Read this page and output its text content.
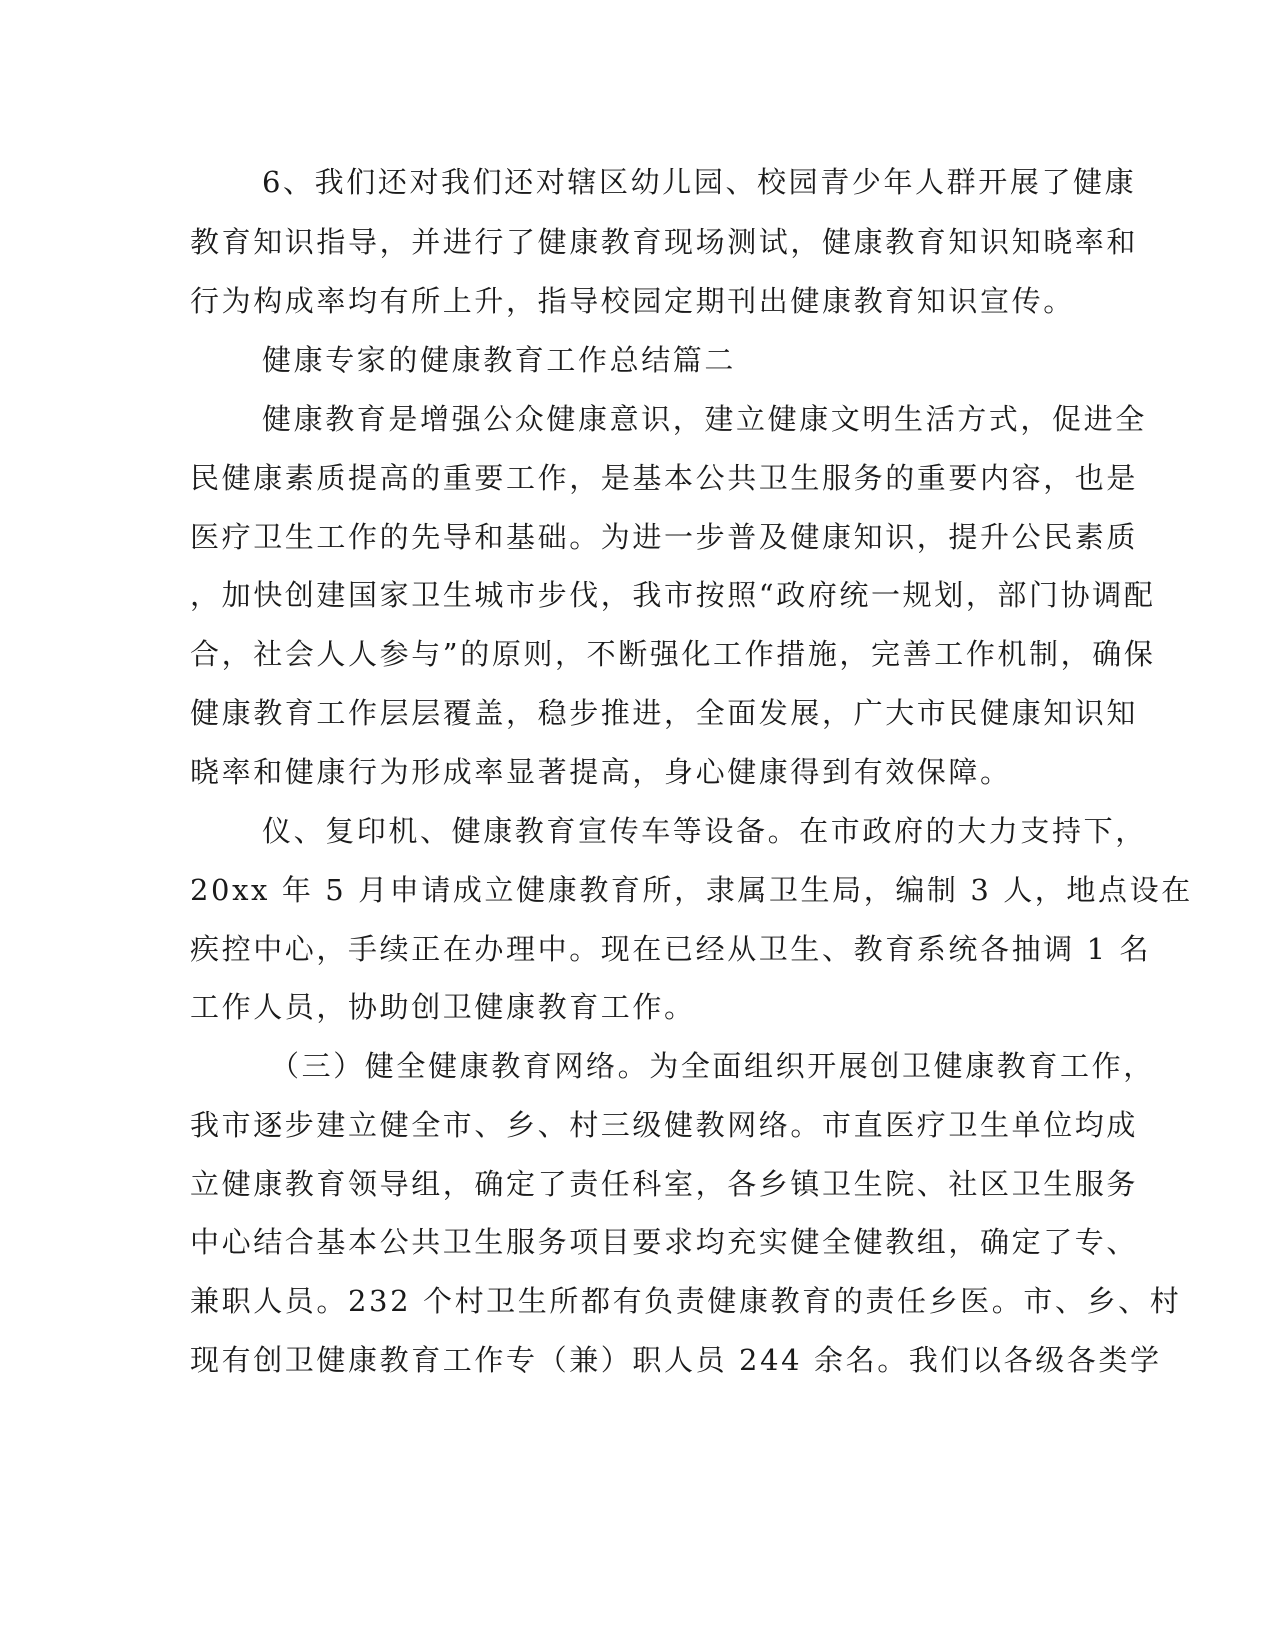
6、我们还对我们还对辖区幼儿园、校园青少年人群开展了健康
教育知识指导，并进行了健康教育现场测试，健康教育知识知晓率和
行为构成率均有所上升，指导校园定期刊出健康教育知识宣传。
健康专家的健康教育工作总结篇二
健康教育是增强公众健康意识，建立健康文明生活方式，促进全
民健康素质提高的重要工作，是基本公共卫生服务的重要内容，也是
医疗卫生工作的先导和基础。为进一步普及健康知识，提升公民素质
，加快创建国家卫生城市步伐，我市按照“政府统一规划，部门协调配
合，社会人人参与”的原则，不断强化工作措施，完善工作机制，确保
健康教育工作层层覆盖，稳步推进，全面发展，广大市民健康知识知
晓率和健康行为形成率显著提高，身心健康得到有效保障。
仪、复印机、健康教育宣传车等设备。在市政府的大力支持下，
20xx 年 5 月申请成立健康教育所，隶属卫生局，编制 3 人，地点设在
疾控中心，手续正在办理中。现在已经从卫生、教育系统各抽调 1 名
工作人员，协助创卫健康教育工作。
（三）健全健康教育网络。为全面组织开展创卫健康教育工作，
我市逐步建立健全市、乡、村三级健教网络。市直医疗卫生单位均成
立健康教育领导组，确定了责任科室，各乡镇卫生院、社区卫生服务
中心结合基本公共卫生服务项目要求均充实健全健教组，确定了专、
兼职人员。232 个村卫生所都有负责健康教育的责任乡医。市、乡、村
现有创卫健康教育工作专（兼）职人员 244 余名。我们以各级各类学
